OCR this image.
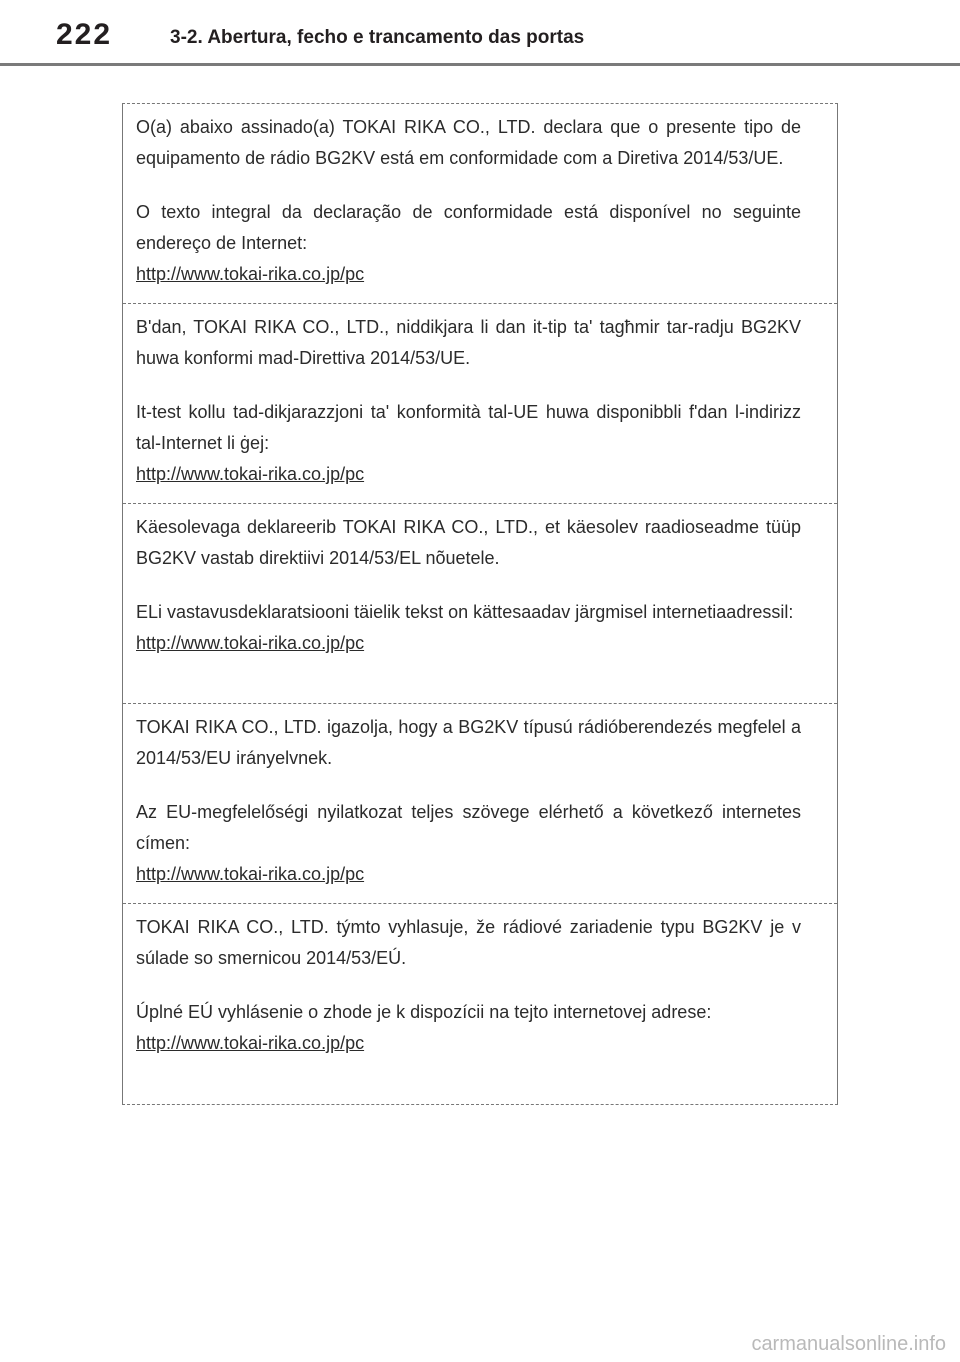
222	3-2. Abertura, fecho e trancamento das portas

O(a) abaixo assinado(a) TOKAI RIKA CO., LTD. declara que o presente tipo de equipamento de rádio BG2KV está em conformidade com a Diretiva 2014/53/UE.

O texto integral da declaração de conformidade está disponível no seguinte endereço de Internet:

http://www.tokai-rika.co.jp/pc

B'dan, TOKAI RIKA CO., LTD., niddikjara li dan it-tip ta' tagħmir tar-radju BG2KV huwa konformi mad-Direttiva 2014/53/UE.

It-test kollu tad-dikjarazzjoni ta' konformità tal-UE huwa disponibbli f'dan l-indirizz tal-Internet li ġej:

http://www.tokai-rika.co.jp/pc

Käesolevaga deklareerib TOKAI RIKA CO., LTD., et käesolev raadioseadme tüüp BG2KV vastab direktiivi 2014/53/EL nõuetele.

ELi vastavusdeklaratsiooni täielik tekst on kättesaadav järgmisel internetiaadressil:

http://www.tokai-rika.co.jp/pc

TOKAI RIKA CO., LTD. igazolja, hogy a BG2KV típusú rádióberendezés megfelel a 2014/53/EU irányelvnek.

Az EU-megfelelőségi nyilatkozat teljes szövege elérhető a következő internetes címen:

http://www.tokai-rika.co.jp/pc

TOKAI RIKA CO., LTD. týmto vyhlasuje, že rádiové zariadenie typu BG2KV je v súlade so smernicou 2014/53/EÚ.

Úplné EÚ vyhlásenie o zhode je k dispozícii na tejto internetovej adrese:

http://www.tokai-rika.co.jp/pc
carmanualsonline.info
